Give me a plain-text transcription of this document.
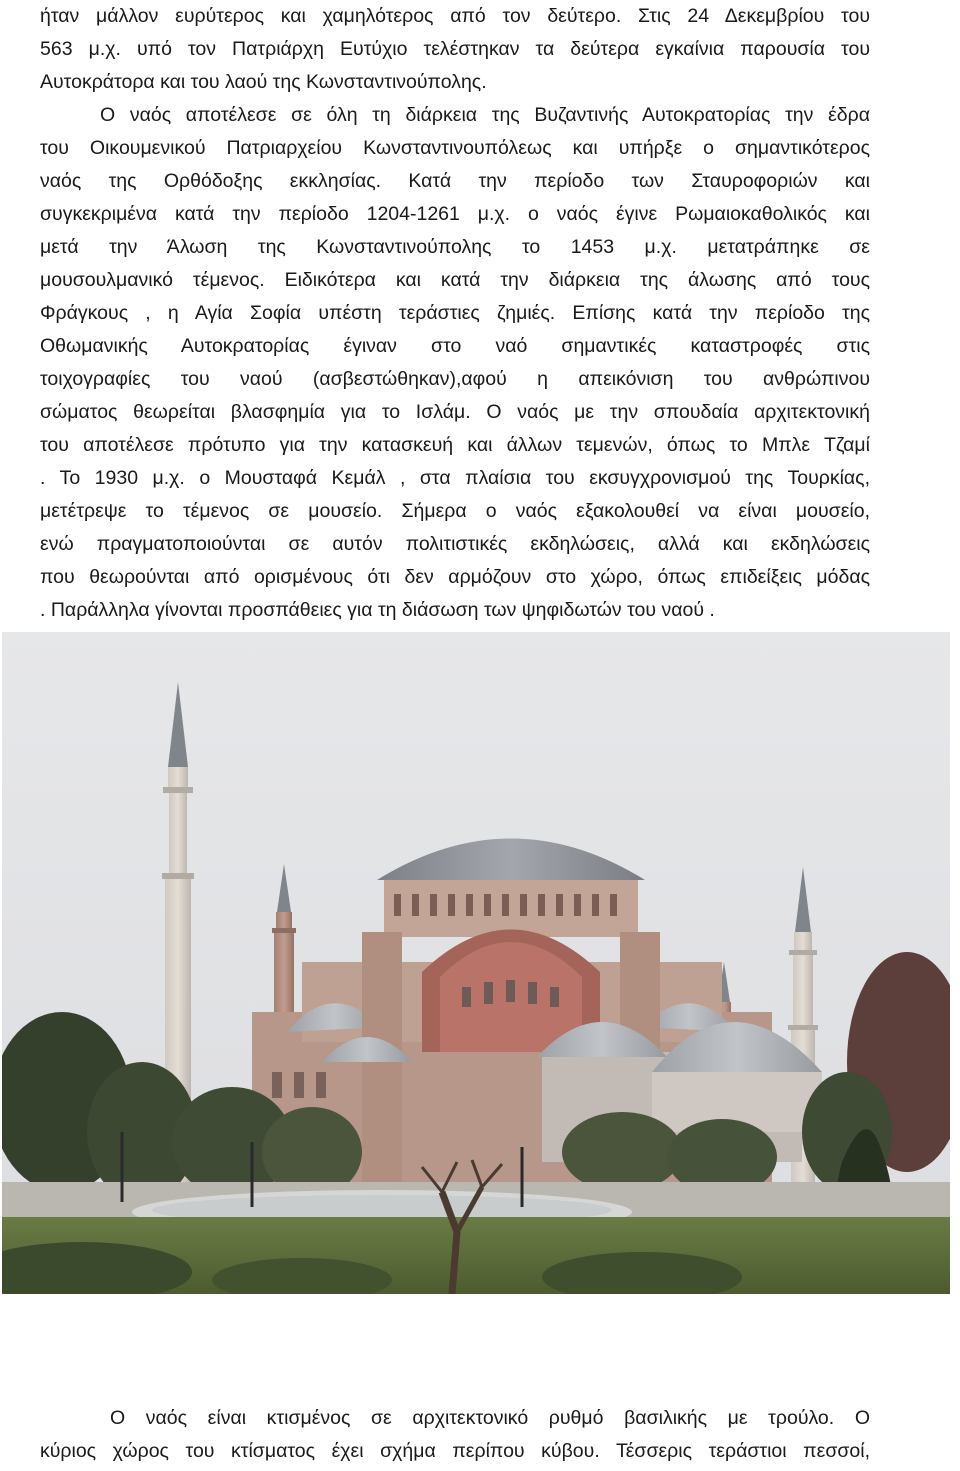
ήταν μάλλον ευρύτερος και χαμηλότερος από τον δεύτερο. Στις 24 Δεκεμβρίου του
563 μ.χ. υπό τον Πατριάρχη Ευτύχιο τελέστηκαν τα δεύτερα εγκαίνια παρουσία του
Αυτοκράτορα και του λαού της Κωνσταντινούπολης.
Ο ναός αποτέλεσε σε όλη τη διάρκεια της Βυζαντινής Αυτοκρατορίας την έδρα
του Οικουμενικού Πατριαρχείου Κωνσταντινουπόλεως και υπήρξε ο σημαντικότερος
ναός της Ορθόδοξης εκκλησίας. Κατά την περίοδο των Σταυροφοριών και
συγκεκριμένα κατά την περίοδο 1204-1261 μ.χ. ο ναός έγινε Ρωμαιοκαθολικός και
μετά την Άλωση της Κωνσταντινούπολης το 1453 μ.χ. μετατράπηκε σε
μουσουλμανικό τέμενος. Ειδικότερα και κατά την διάρκεια της άλωσης από τους
Φράγκους , η Αγία Σοφία υπέστη τεράστιες ζημιές. Επίσης κατά την περίοδο της
Οθωμανικής Αυτοκρατορίας έγιναν στο ναό σημαντικές καταστροφές στις
τοιχογραφίες του ναού (ασβεστώθηκαν),αφού η απεικόνιση του ανθρώπινου
σώματος θεωρείται βλασφημία για το Ισλάμ. Ο ναός με την σπουδαία αρχιτεκτονική
του αποτέλεσε πρότυπο για την κατασκευή και άλλων τεμενών, όπως το Μπλε Τζαμί
. Το 1930 μ.χ. ο Μουσταφά Κεμάλ , στα πλαίσια του εκσυγχρονισμού της Τουρκίας,
μετέτρεψε το τέμενος σε μουσείο. Σήμερα ο ναός εξακολουθεί να είναι μουσείο,
ενώ πραγματοποιούνται σε αυτόν πολιτιστικές εκδηλώσεις, αλλά και εκδηλώσεις
που θεωρούνται από ορισμένους ότι δεν αρμόζουν στο χώρο, όπως επιδείξεις μόδας
. Παράλληλα γίνονται προσπάθειες για τη διάσωση των ψηφιδωτών του ναού .
Ο ναός είναι κτισμένος σε αρχιτεκτονικό ρυθμό βασιλικής με τρούλο. Ο
κύριος χώρος του κτίσματος έχει σχήμα περίπου κύβου. Τέσσερις τεράστιοι πεσσοί,
